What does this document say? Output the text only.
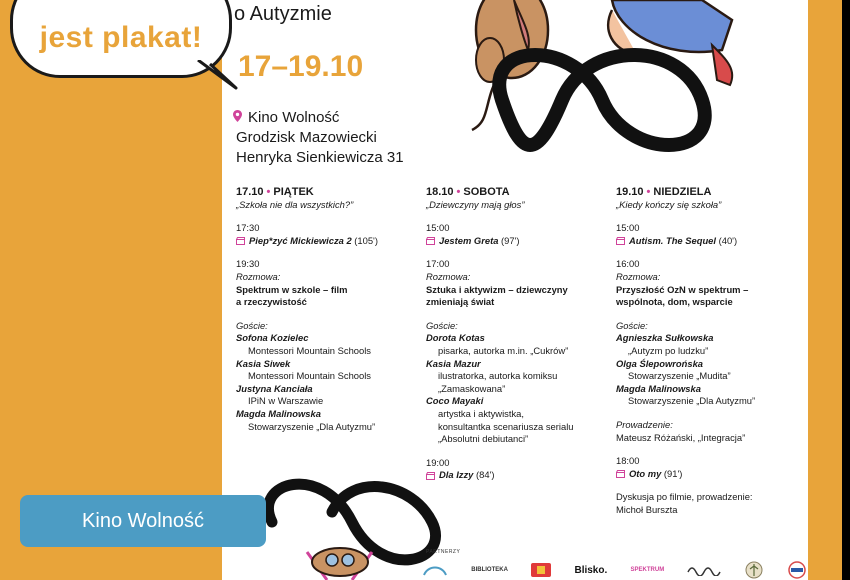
o Autyzmie
17–19.10
Kino Wolność
Grodzisk Mazowiecki
Henryka Sienkiewicza 31
17.10 • PIĄTEK
„Szkoła nie dla wszystkich?”
17:30
Piep*zyć Mickiewicza 2
(105')
19:30
Rozmowa:
Spektrum w szkole – film
a rzeczywistość
Goście:
Sofona Kozielec
Montessori Mountain Schools
Kasia Siwek
Montessori Mountain Schools
Justyna Kanciała
IPiN w Warszawie
Magda Malinowska
Stowarzyszenie „Dla Autyzmu”
18.10 • SOBOTA
„Dziewczyny mają głos”
15:00
Jestem Greta
(97')
17:00
Rozmowa:
Sztuka i aktywizm – dziewczyny
zmieniają świat
Goście:
Dorota Kotas
pisarka, autorka m.in. „Cukrów”
Kasia Mazur
ilustratorka, autorka komiksu
„Zamaskowana”
Coco Mayaki
artystka i aktywistka,
konsultantka scenariusza serialu
„Absolutni debiutanci”
19:00
Dla Izzy
(84')
19.10 • NIEDZIELA
„Kiedy kończy się szkoła”
15:00
Autism. The Sequel
(40')
16:00
Rozmowa:
Przyszłość OzN w spektrum –
wspólnota, dom, wsparcie
Goście:
Agnieszka Sułkowska
„Autyzm po ludzku”
Olga Ślepowrońska
Stowarzyszenie „Mudita”
Magda Malinowska
Stowarzyszenie „Dla Autyzmu”
Prowadzenie:
Mateusz Różański, „Integracja”
18:00
Oto my
(91')
Dyskusja po filmie, prowadzenie:
Michoł Bursztа
PARTNERZY
BIBLIOTEKA	Blisko.	SPEKTRUM
jest plakat!
Kino Wolność
